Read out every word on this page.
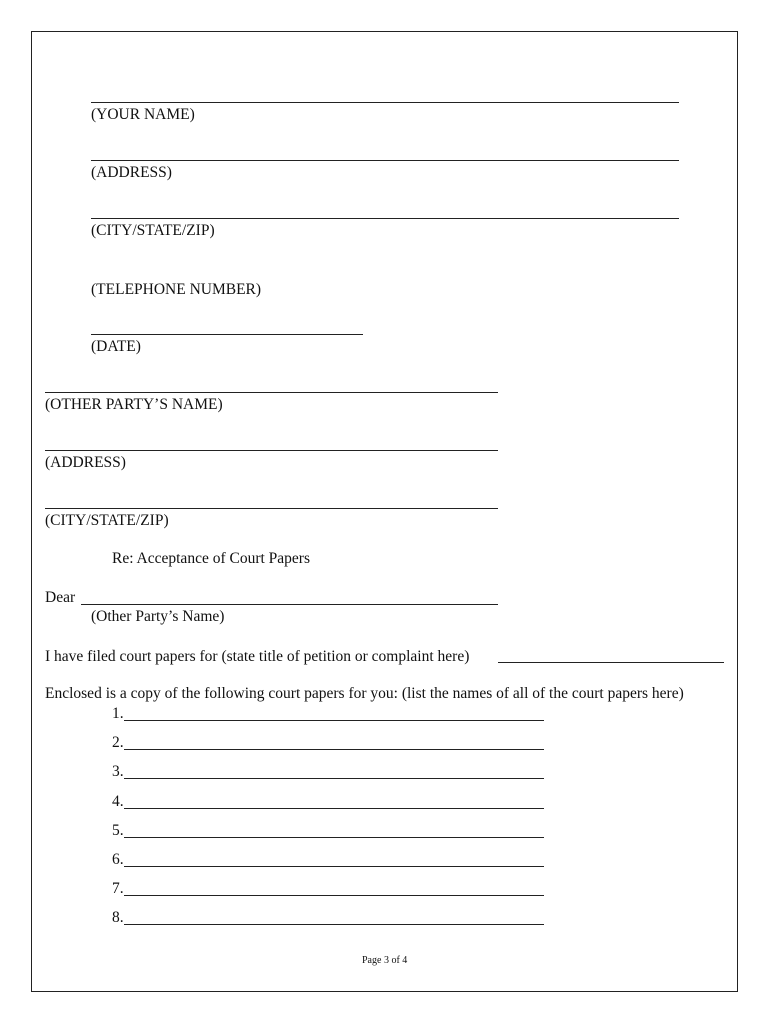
(YOUR NAME)
(ADDRESS)
(CITY/STATE/ZIP)
(TELEPHONE NUMBER)
(DATE)
(OTHER PARTY’S NAME)
(ADDRESS)
(CITY/STATE/ZIP)
Re: Acceptance of Court Papers
Dear
(Other Party’s Name)
I have filed court papers for (state title of petition or complaint here)
Enclosed is a copy of the following court papers for you: (list the names of all of the court papers here)
1.
2.
3.
4.
5.
6.
7.
8.
Page 3 of 4
